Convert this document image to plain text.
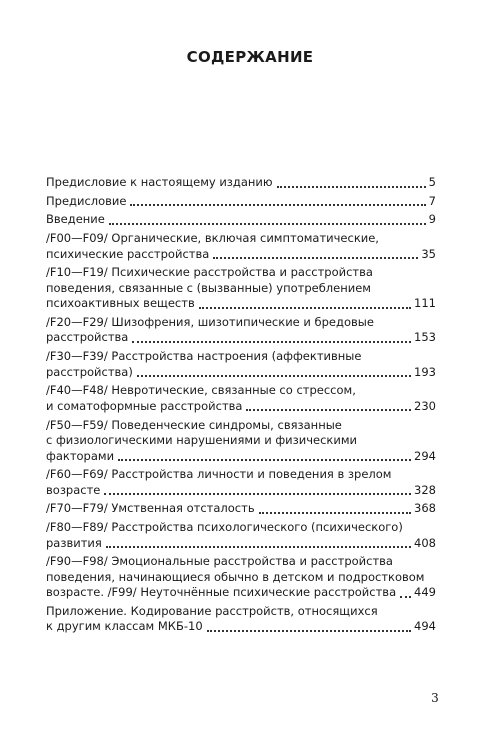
СОДЕРЖАНИЕ
Предисловие к настоящему изданию	5
Предисловие	7
Введение	9
/F00—F09/ Органические, включая симптоматические,
психические расстройства	35
/F10—F19/ Психические расстройства и расстройства
поведения, связанные с (вызванные) употреблением
психоактивных веществ	111
/F20—F29/ Шизофрения, шизотипические и бредовые
расстройства	153
/F30—F39/ Расстройства настроения (аффективные
расстройства)	193
/F40—F48/ Невротические, связанные со стрессом,
и соматоформные расстройства	230
/F50—F59/ Поведенческие синдромы, связанные
с физиологическими нарушениями и физическими
факторами	294
/F60—F69/ Расстройства личности и поведения в зрелом
возрасте	328
/F70—F79/ Умственная отсталость	368
/F80—F89/ Расстройства психологического (психического)
развития	408
/F90—F98/ Эмоциональные расстройства и расстройства
поведения, начинающиеся обычно в детском и подростковом
возрасте. /F99/ Неуточнённые психические расстройства 449
Приложение. Кодирование расстройств, относящихся
к другим классам МКБ-10	494
3
